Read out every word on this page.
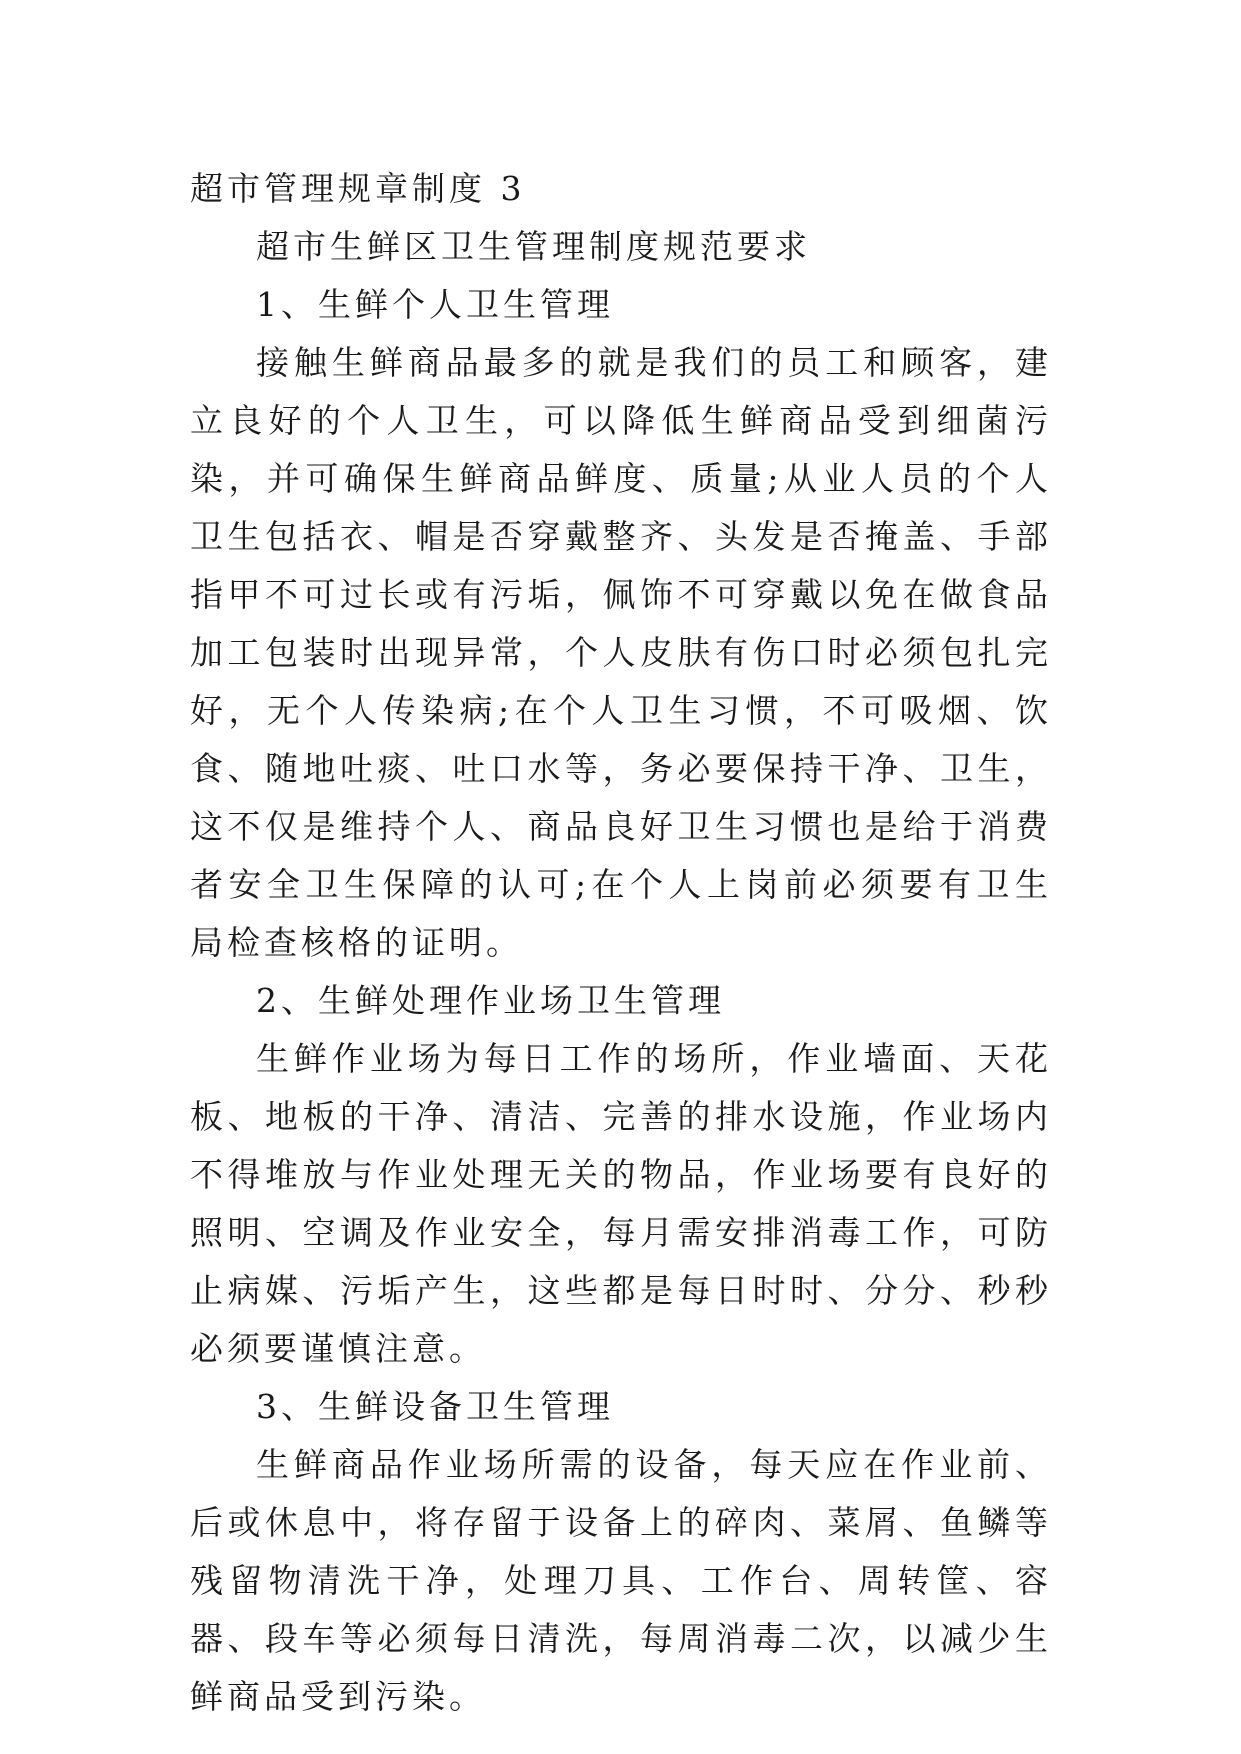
超市管理规章制度 3

超市生鲜区卫生管理制度规范要求

1、生鲜个人卫生管理

接触生鲜商品最多的就是我们的员工和顾客，建立良好的个人卫生，可以降低生鲜商品受到细菌污染，并可确保生鲜商品鲜度、质量;从业人员的个人卫生包括衣、帽是否穿戴整齐、头发是否掩盖、手部指甲不可过长或有污垢，佩饰不可穿戴以免在做食品加工包装时出现异常，个人皮肤有伤口时必须包扎完好，无个人传染病;在个人卫生习惯，不可吸烟、饮食、随地吐痰、吐口水等，务必要保持干净、卫生，这不仅是维持个人、商品良好卫生习惯也是给于消费者安全卫生保障的认可;在个人上岗前必须要有卫生局检查核格的证明。

2、生鲜处理作业场卫生管理

生鲜作业场为每日工作的场所，作业墙面、天花板、地板的干净、清洁、完善的排水设施，作业场内不得堆放与作业处理无关的物品，作业场要有良好的照明、空调及作业安全，每月需安排消毒工作，可防止病媒、污垢产生，这些都是每日时时、分分、秒秒必须要谨慎注意。

3、生鲜设备卫生管理

生鲜商品作业场所需的设备，每天应在作业前、后或休息中，将存留于设备上的碎肉、菜屑、鱼鳞等残留物清洗干净，处理刀具、工作台、周转筐、容器、段车等必须每日清洗，每周消毒二次，以减少生鲜商品受到污染。
